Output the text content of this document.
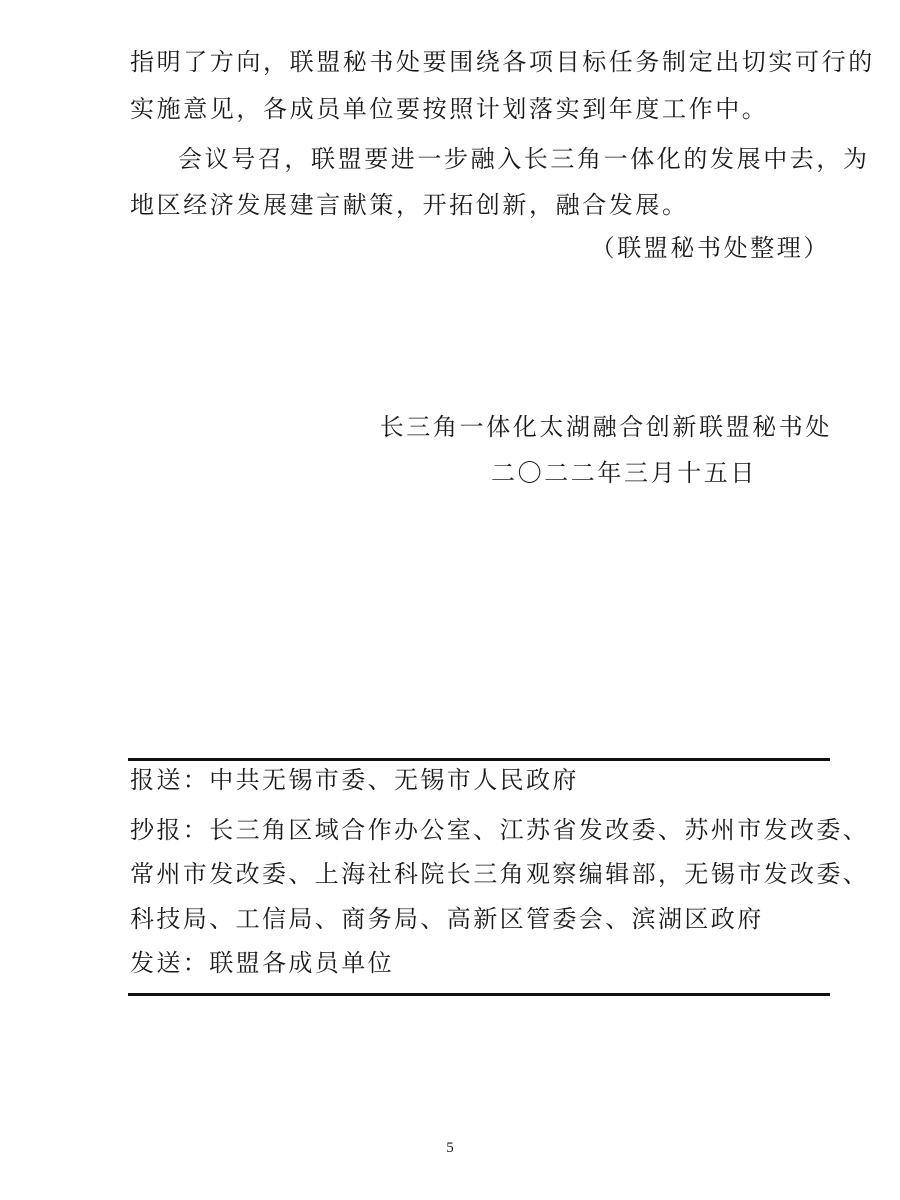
指明了方向，联盟秘书处要围绕各项目标任务制定出切实可行的
实施意见，各成员单位要按照计划落实到年度工作中。
会议号召，联盟要进一步融入长三角一体化的发展中去，为
地区经济发展建言献策，开拓创新，融合发展。
（联盟秘书处整理）
长三角一体化太湖融合创新联盟秘书处
二〇二二年三月十五日
报送：中共无锡市委、无锡市人民政府
抄报：长三角区域合作办公室、江苏省发改委、苏州市发改委、
常州市发改委、上海社科院长三角观察编辑部，无锡市发改委、
科技局、工信局、商务局、高新区管委会、滨湖区政府
发送：联盟各成员单位
5
